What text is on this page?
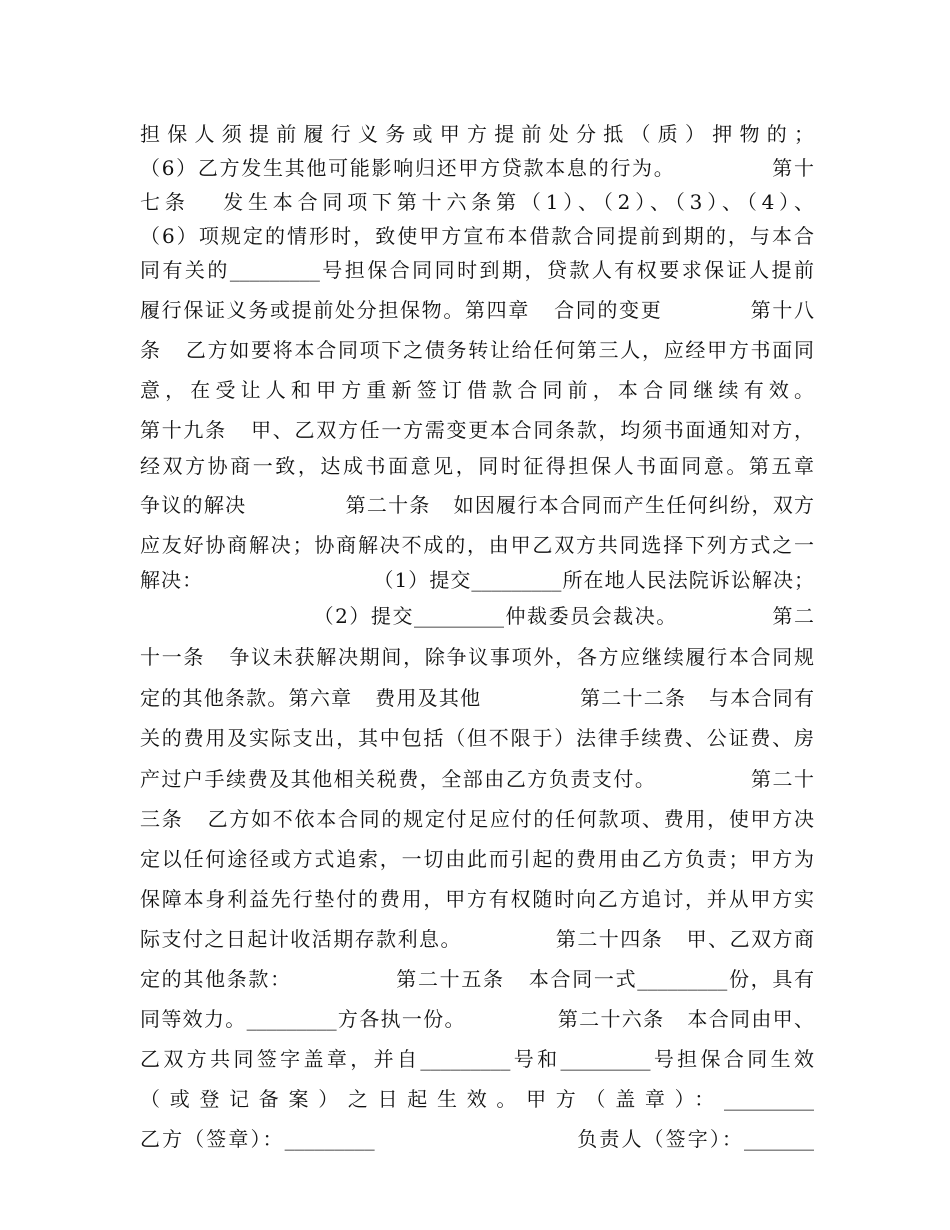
担保人须提前履行义务或甲方提前处分抵（质）押物的；
（6）乙方发生其他可能影响归还甲方贷款本息的行为。            第十
七条   发生本合同项下第十六条第（1）、（2）、（3）、（4）、
（6）项规定的情形时，致使甲方宣布本借款合同提前到期的，与本合
同有关的_________号担保合同同时到期，贷款人有权要求保证人提前
履行保证义务或提前处分担保物。第四章   合同的变更           第十八
条   乙方如要将本合同项下之债务转让给任何第三人，应经甲方书面同
意，在受让人和甲方重新签订借款合同前，本合同继续有效。
第十九条   甲、乙双方任一方需变更本合同条款，均须书面通知对方，
经双方协商一致，达成书面意见，同时征得担保人书面同意。第五章
争议的解决             第二十条   如因履行本合同而产生任何纠纷，双方
应友好协商解决；协商解决不成的，由甲乙双方共同选择下列方式之一
解决：                       （1）提交_________所在地人民法院诉讼解决；
（2）提交_________仲裁委员会裁决。            第二
十一条   争议未获解决期间，除争议事项外，各方应继续履行本合同规
定的其他条款。第六章   费用及其他             第二十二条   与本合同有
关的费用及实际支出，其中包括（但不限于）法律手续费、公证费、房
产过户手续费及其他相关税费，全部由乙方负责支付。            第二十
三条   乙方如不依本合同的规定付足应付的任何款项、费用，使甲方决
定以任何途径或方式追索，一切由此而引起的费用由乙方负责；甲方为
保障本身利益先行垫付的费用，甲方有权随时向乙方追讨，并从甲方实
际支付之日起计收活期存款利息。            第二十四条   甲、乙双方商
定的其他条款：             第二十五条   本合同一式_________份，具有
同等效力。_________方各执一份。            第二十六条   本合同由甲、
乙双方共同签字盖章，并自_________号和_________号担保合同生效
（或登记备案）之日起生效。甲方（盖章）：_________
乙方（签章）：_________                        负责人（签字）：_______
